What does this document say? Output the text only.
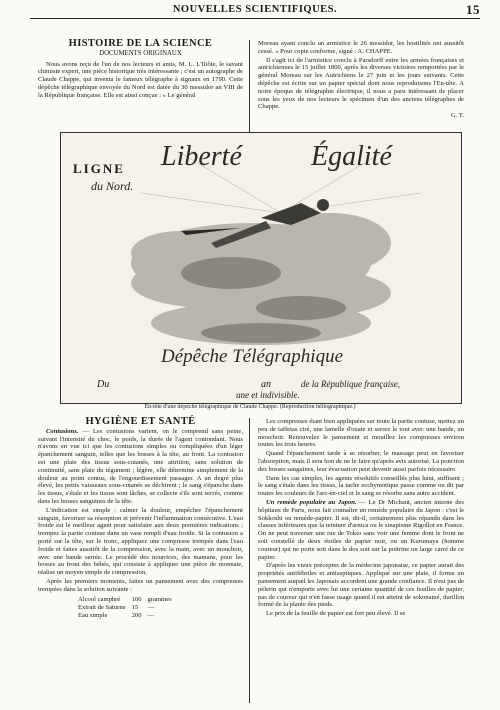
NOUVELLES SCIENTIFIQUES.	15
HISTOIRE DE LA SCIENCE
DOCUMENTS ORIGINAUX

Nous avons reçu de l'un de nos lecteurs et amis, M. L. L'Iliôte, le savant chimiste expert, une pièce historique très intéressante ; c'est un autographe de Claude Chappe, qui inventa le fameux télégraphe à signaux en 1790. Cette dépêche télégraphique envoyée du Nord est datée du 30 messidor an VIII de la République française. Elle est ainsi conçue : « Le général

Moreau ayant conclu un armistice le 26 messidor, les hostilités ont aussitôt cessé. » Pour copie conforme, signé : A. CHAPPE.

Il s'agit ici de l'armistice conclu à Parsdorff entre les armées françaises et autrichiennes le 15 juillet 1800, après les diverses victoires remportées par le général Moreau sur les Autrichiens le 27 juin et les jours suivants. Cette dépêche est écrite sur un papier spécial dont nous reproduisons l'En-tête. A notre époque de télégraphie électrique, il nous a paru intéressant de placer sous les yeux de nos lecteurs le spécimen d'un des anciens télégraphes de Chappe.

G. T.

Liberté Égalité
LIGNE
du Nord.
Dépêche Télégraphique
Du	an	de la République française,
une et indivisible.
En-tête d'une dépêche télégraphique de Claude Chappe. (Reproduction héliographique.)
HYGIÈNE ET SANTÉ

Contusions. — Les contusions varient, on le comprend sans peine, suivant l'intensité du choc, le poids, la durée de l'agent contondant. Nous n'avons en vue ici que les contusions simples ou compliquées d'un léger épanchement sanguin, telles que les bosses à la tête, au front. La contusion est une plaie des tissus sous-cutanés, une attrition, sans solution de continuité, sans plaie du tégument ; légère, elle détermine simplement de la douleur au point contus, de l'engourdissement passager. A un degré plus élevé, les petits vaisseaux sous-cutanés se déchirent ; le sang s'épanche dans les tissus, s'étale et les tissus sont lâches, se collecte s'ils sont serrés, comme dans les bosses sanguines de la tête.

L'indication est simple : calmer la douleur, empêcher l'épanchement sanguin, favoriser sa résorption et prévenir l'inflammation consécutive. L'eau froide est le meilleur agent pour satisfaire aux deux premières indications ; trempez la partie contuse dans un vase rempli d'eau froide. Si la contusion a porté sur la tête, sur le tronc, appliquez une compresse trempée dans l'eau froide et faites aussitôt de la compression, avec la main, avec un mouchoir, avec une bande serrée. Le procédé des nourrices, des mamans, pour les bosses au front des bébés, qui consiste à appliquer une pièce de monnaie, réalise un moyen simple de compression.

Après les premiers moments, faites un pansement avec des compresses trempées dans la solution suivante :

Alcool camphré	100	grammes
Extrait de Saturne	15	—
Eau simple	200	—

Les compresses étant bien appliquées sur toute la partie contuse, mettez un peu de taffetas ciré, une lamelle d'ouate et serrez le tout avec une bande, un mouchoir. Renouvelez le pansement et mouillez les compresses environ toutes les trois heures.

Quand l'épanchement tarde à se résorber, le massage peut en favoriser l'absorption, mais il sera bon de ne le faire qu'après avis autorisé. La ponction des bosses sanguines, leur évacuation peut devenir aussi parfois nécessaire.

Dans les cas simples, les agents résolutifs conseillés plus haut, suffisent ; le sang s'étale dans les tissus, la tache ecchymotique passe comme on dit par toutes les couleurs de l'arc-en-ciel et le sang se résorbe sans autre accident.

Un remède populaire au Japon. — Le Dr Michaut, ancien interne des hôpitaux de Paris, nous fait connaître un remède populaire du Japon : c'est le Sokkoshi ou remède-papier. Il est, dit-il, certainement plus répandu dans les classes inférieures que la teinture d'arnica ou le sinapisme Rigollot en France. On ne peut traverser une rue de Tokio sans voir une femme dont le front ne soit constellé de deux étoiles de papier noir, ou un Kurumaya (homme coureur) qui ne porte soit dans le dos soit sur la poitrine un large carré de ce papier.

D'après les vieux préceptes de la médecine japonaise, ce papier aurait des propriétés antifébriles et antiseptiques. Appliqué sur une plaie, il forme un pansement auquel les Japonais accordent une grande confiance. Il n'est pas de pèlerin qui n'emporte avec lui une certaine quantité de ces feuilles de papier, pas de coureur qui n'en fasse usage quand il est atteint de sokonamé, durillon formé de la plante des pieds.

Le prix de la feuille de papier est fort peu élevé. Il se
